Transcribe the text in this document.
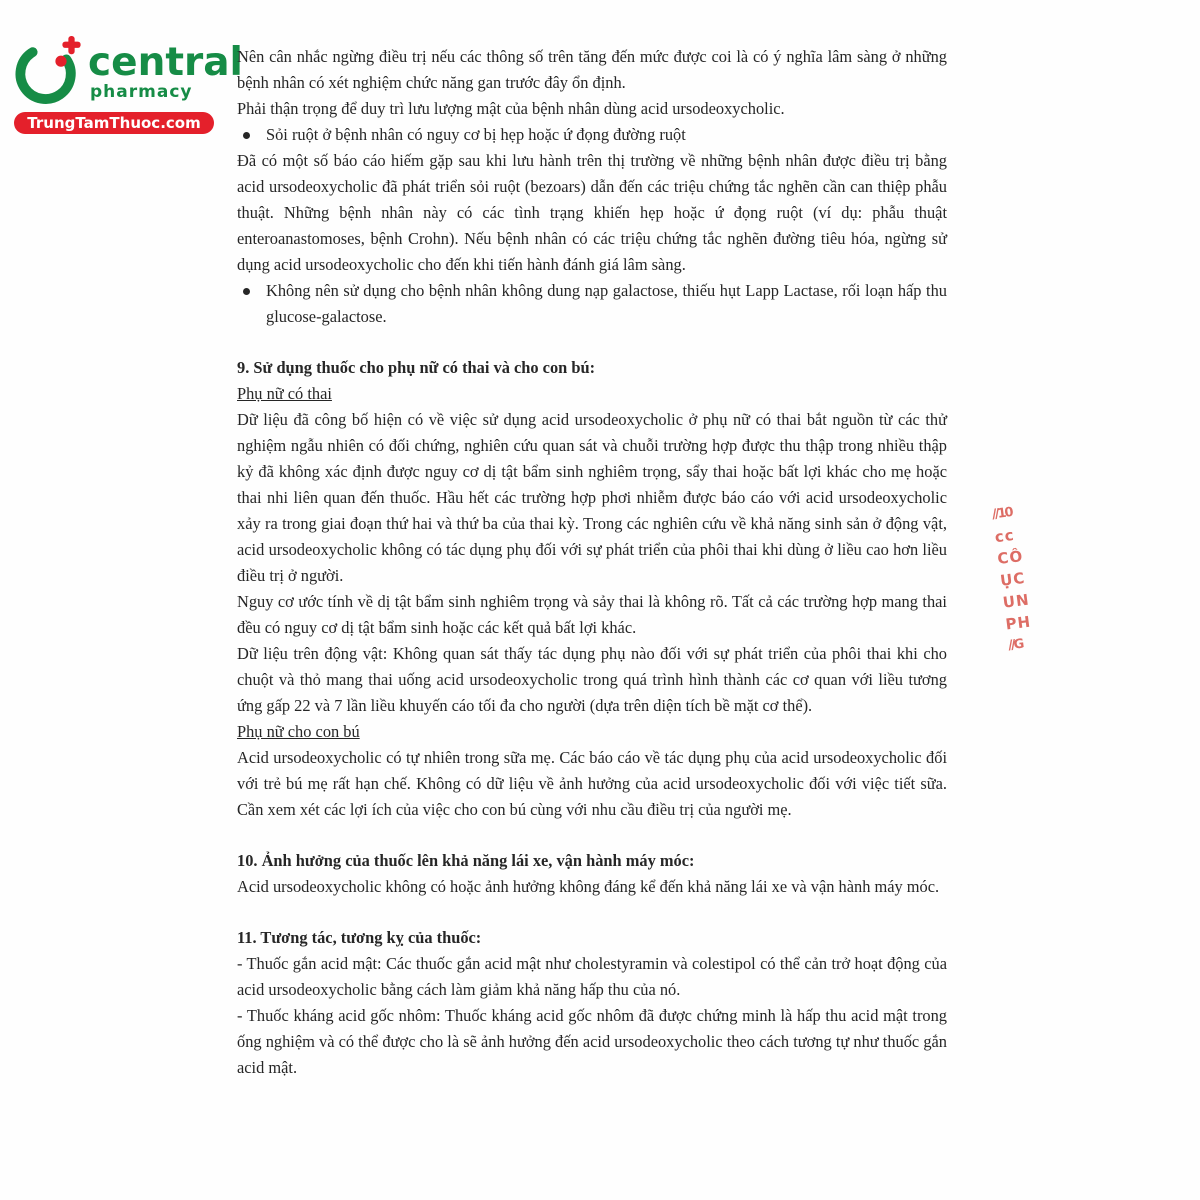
central
pharmacy
TrungTamThuoc.com

Nên cân nhắc ngừng điều trị nếu các thông số trên tăng đến mức được coi là có ý nghĩa lâm sàng ở những bệnh nhân có xét nghiệm chức năng gan trước đây ổn định.

Phải thận trọng để duy trì lưu lượng mật của bệnh nhân dùng acid ursodeoxycholic.

Sỏi ruột ở bệnh nhân có nguy cơ bị hẹp hoặc ứ đọng đường ruột

Đã có một số báo cáo hiếm gặp sau khi lưu hành trên thị trường về những bệnh nhân được điều trị bằng acid ursodeoxycholic đã phát triển sỏi ruột (bezoars) dẫn đến các triệu chứng tắc nghẽn cần can thiệp phẫu thuật. Những bệnh nhân này có các tình trạng khiến hẹp hoặc ứ đọng ruột (ví dụ: phẫu thuật enteroanastomoses, bệnh Crohn). Nếu bệnh nhân có các triệu chứng tắc nghẽn đường tiêu hóa, ngừng sử dụng acid ursodeoxycholic cho đến khi tiến hành đánh giá lâm sàng.

Không nên sử dụng cho bệnh nhân không dung nạp galactose, thiếu hụt Lapp Lactase, rối loạn hấp thu glucose-galactose.

9. Sử dụng thuốc cho phụ nữ có thai và cho con bú:

Phụ nữ có thai

Dữ liệu đã công bố hiện có về việc sử dụng acid ursodeoxycholic ở phụ nữ có thai bắt nguồn từ các thử nghiệm ngẫu nhiên có đối chứng, nghiên cứu quan sát và chuỗi trường hợp được thu thập trong nhiều thập kỷ đã không xác định được nguy cơ dị tật bẩm sinh nghiêm trọng, sẩy thai hoặc bất lợi khác cho mẹ hoặc thai nhi liên quan đến thuốc. Hầu hết các trường hợp phơi nhiễm được báo cáo với acid ursodeoxycholic xảy ra trong giai đoạn thứ hai và thứ ba của thai kỳ. Trong các nghiên cứu về khả năng sinh sản ở động vật, acid ursodeoxycholic không có tác dụng phụ đối với sự phát triển của phôi thai khi dùng ở liều cao hơn liều điều trị ở người.

Nguy cơ ước tính về dị tật bẩm sinh nghiêm trọng và sảy thai là không rõ. Tất cả các trường hợp mang thai đều có nguy cơ dị tật bẩm sinh hoặc các kết quả bất lợi khác.

Dữ liệu trên động vật: Không quan sát thấy tác dụng phụ nào đối với sự phát triển của phôi thai khi cho chuột và thỏ mang thai uống acid ursodeoxycholic trong quá trình hình thành các cơ quan với liều tương ứng gấp 22 và 7 lần liều khuyến cáo tối đa cho người (dựa trên diện tích bề mặt cơ thể).

Phụ nữ cho con bú

Acid ursodeoxycholic có tự nhiên trong sữa mẹ. Các báo cáo về tác dụng phụ của acid ursodeoxycholic đối với trẻ bú mẹ rất hạn chế. Không có dữ liệu về ảnh hưởng của acid ursodeoxycholic đối với việc tiết sữa. Cần xem xét các lợi ích của việc cho con bú cùng với nhu cầu điều trị của người mẹ.

10. Ảnh hưởng của thuốc lên khả năng lái xe, vận hành máy móc:

Acid ursodeoxycholic không có hoặc ảnh hưởng không đáng kể đến khả năng lái xe và vận hành máy móc.

11. Tương tác, tương kỵ của thuốc:

- Thuốc gắn acid mật: Các thuốc gắn acid mật như cholestyramin và colestipol có thể cản trở hoạt động của acid ursodeoxycholic bằng cách làm giảm khả năng hấp thu của nó.

- Thuốc kháng acid gốc nhôm: Thuốc kháng acid gốc nhôm đã được chứng minh là hấp thu acid mật trong ống nghiệm và có thể được cho là sẽ ảnh hưởng đến acid ursodeoxycholic theo cách tương tự như thuốc gắn acid mật.

//10
cc
CÔ
ỤC
UN
PH
//G
